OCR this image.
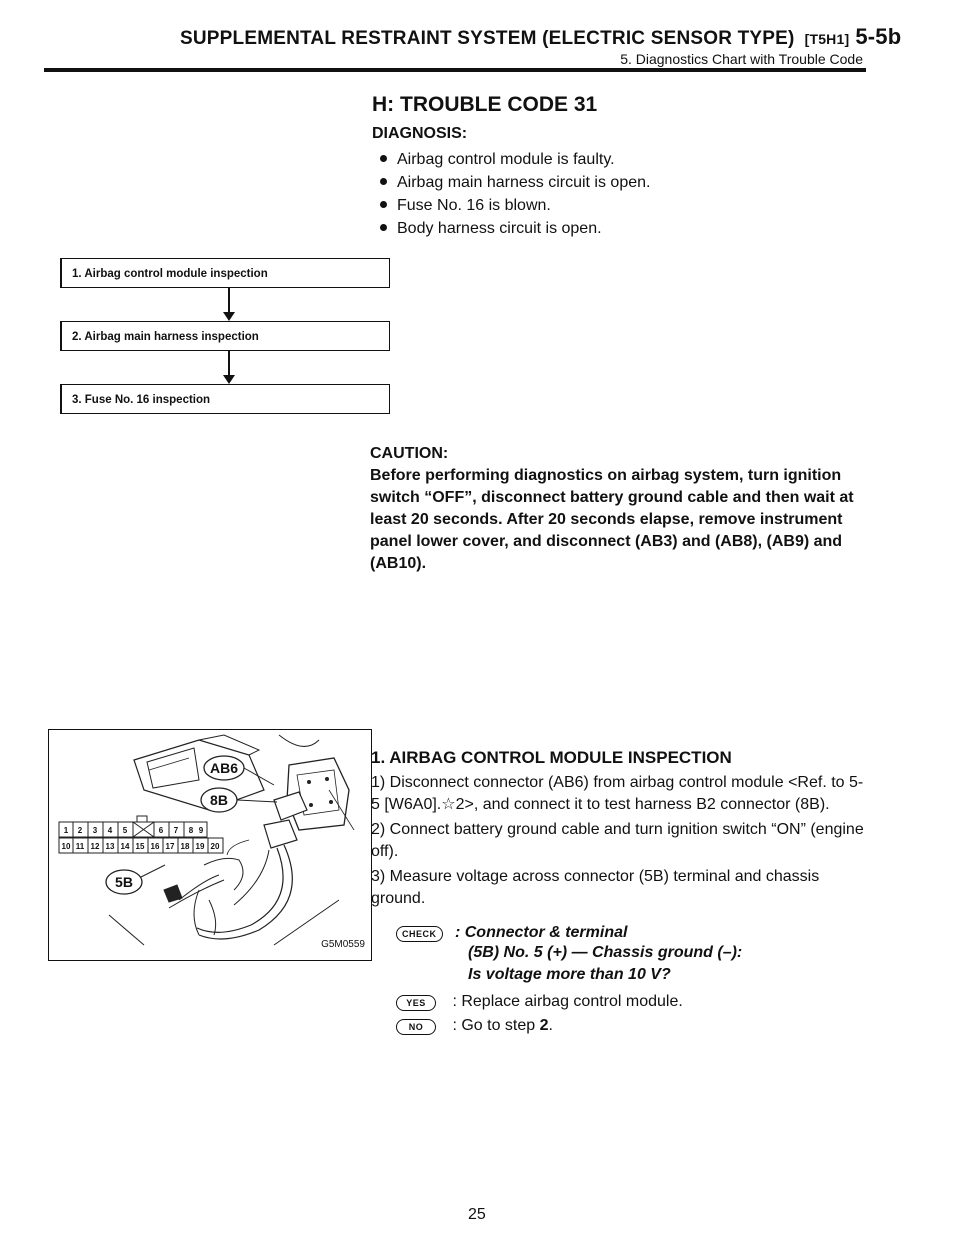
SUPPLEMENTAL RESTRAINT SYSTEM (ELECTRIC SENSOR TYPE) [T5H1] 5-5b
5. Diagnostics Chart with Trouble Code
H: TROUBLE CODE 31
DIAGNOSIS:
Airbag control module is faulty.
Airbag main harness circuit is open.
Fuse No. 16 is blown.
Body harness circuit is open.
1. Airbag control module inspection
2. Airbag main harness inspection
3. Fuse No. 16 inspection
CAUTION:
Before performing diagnostics on airbag system, turn ignition switch “OFF”, disconnect battery ground cable and then wait at least 20 seconds. After 20 seconds elapse, remove instrument panel lower cover, and disconnect (AB3) and (AB8), (AB9) and (AB10).
1 2 3 4 5	6 7 8 9
10 11 12 13 14 15 16 17 18 19 20
AB6
8B
5B
G5M0559
1. AIRBAG CONTROL MODULE INSPECTION

1) Disconnect connector (AB6) from airbag control module <Ref. to 5-5 [W6A0].☆2>, and connect it to test harness B2 connector (8B).

2) Connect battery ground cable and turn ignition switch “ON” (engine off).

3) Measure voltage across connector (5B) terminal and chassis ground.

CHECK : Connector & terminal
(5B) No. 5 (+) — Chassis ground (–):
Is voltage more than 10 V?
YES : Replace airbag control module.
NO : Go to step 2.
25
